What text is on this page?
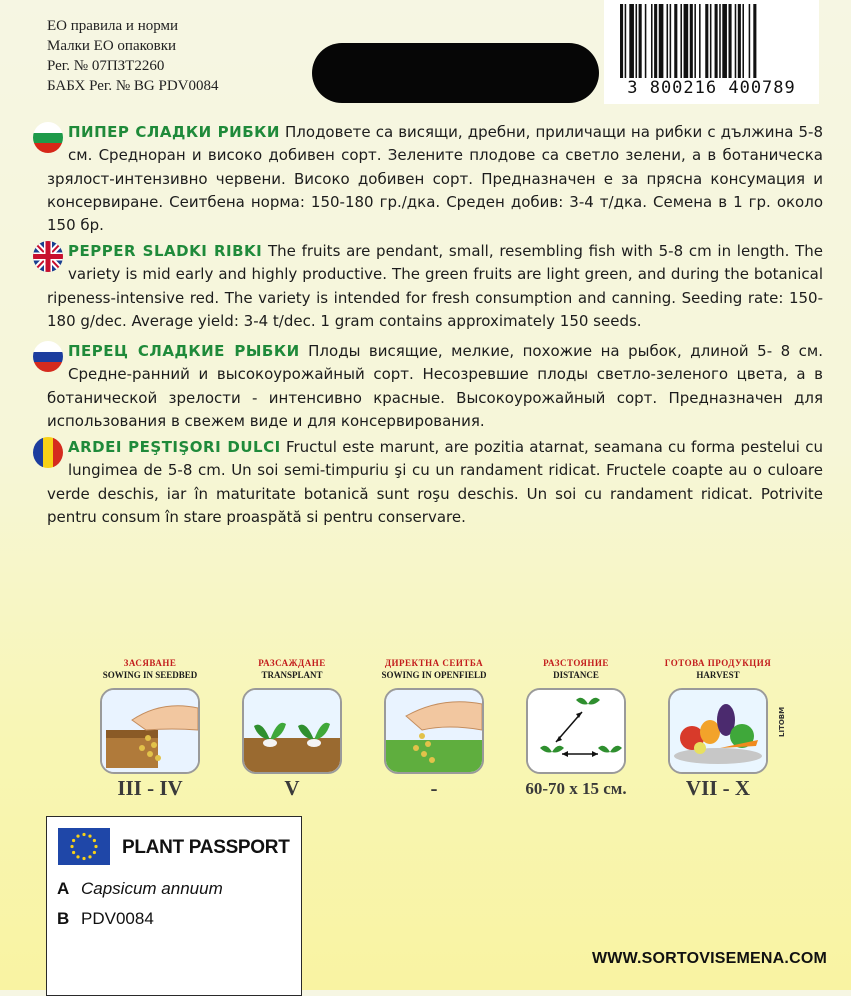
ЕО правила и норми
Малки ЕО опаковки
Рег. № 07ПЗТ2260
БАБХ Рег. № BG PDV0084	3 800216 400789
ПИПЕР СЛАДКИ РИБКИ Плодовете са висящи, дребни, приличащи на рибки с дължина 5-8 см. Средноран и високо добивен сорт. Зелените плодове са светло зелени, а в ботаническа зрялост-интензивно червени. Високо добивен сорт. Предназначен е за прясна консумация и консервиране. Сеитбена норма: 150-180 гр./дка. Среден добив: 3-4 т/дка. Семена в 1 гр. около 150 бр.
PEPPER SLADKI RIBKI The fruits are pendant, small, resembling fish with 5-8 cm in length. The variety is mid early and highly productive. The green fruits are light green, and during the botanical ripeness-intensive red. The variety is intended for fresh consumption and canning. Seeding rate: 150-180 g/dec. Average yield: 3-4 t/dec. 1 gram contains approximately 150 seeds.
ПЕРЕЦ СЛАДКИЕ РЫБКИ Плоды висящие, мелкие, похожие на рыбок, длиной 5- 8 см. Средне-ранний и высокоурожайный сорт. Несозревшие плоды светло-зеленого цвета, а в ботанической зрелости - интенсивно красные. Высокоурожайный сорт. Предназначен для использования в свежем виде и для консервирования.
ARDEI PEŞTIŞORI DULCI Fructul este marunt, are pozitia atarnat, seamana cu forma pestelui cu lungimea de 5-8 cm. Un soi semi-timpuriu şi cu un randament ridicat. Fructele coapte au o culoare verde deschis, iar în maturitate botanică sunt roşu deschis. Un soi cu randament ridicat. Potrivite pentru consum în stare proaspătă si pentru conservare.
ЗАСЯВАНЕ
SOWING IN SEEDBED
III - IV
РАЗСАЖДАНЕ
TRANSPLANT
V
ДИРЕКТНА СЕИТБА
SOWING IN OPENFIELD
-
РАЗСТОЯНИЕ
DISTANCE
60-70 x 15 см.
ГОТОВА ПРОДУКЦИЯ
HARVEST
VII - X
LITOBM
PLANT PASSPORT
A Capsicum annuum
B PDV0084
WWW.SORTOVISEMENA.COM
